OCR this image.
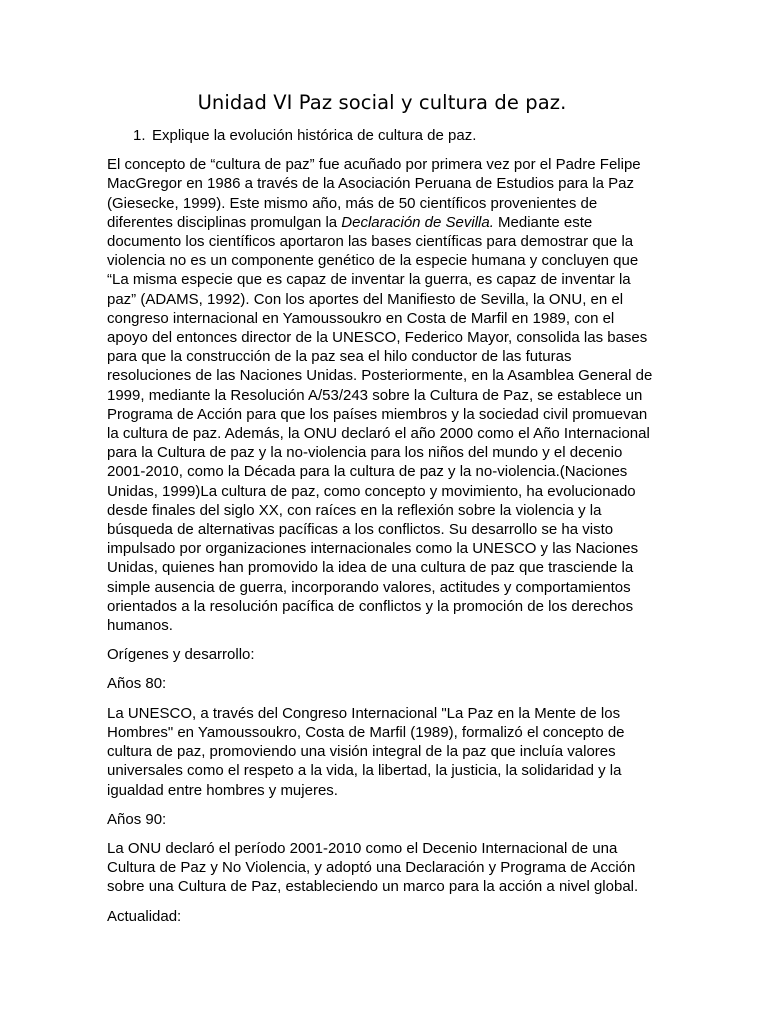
Unidad VI Paz social y cultura de paz.
1. Explique la evolución histórica de cultura de paz.

El concepto de “cultura de paz” fue acuñado por primera vez por el Padre Felipe MacGregor en 1986 a través de la Asociación Peruana de Estudios para la Paz (Giesecke, 1999). Este mismo año, más de 50 científicos provenientes de diferentes disciplinas promulgan la Declaración de Sevilla. Mediante este documento los científicos aportaron las bases científicas para demostrar que la violencia no es un componente genético de la especie humana y concluyen que “La misma especie que es capaz de inventar la guerra, es capaz de inventar la paz” (ADAMS, 1992). Con los aportes del Manifiesto de Sevilla, la ONU, en el congreso internacional en Yamoussoukro en Costa de Marfil en 1989, con el apoyo del entonces director de la UNESCO, Federico Mayor, consolida las bases para que la construcción de la paz sea el hilo conductor de las futuras resoluciones de las Naciones Unidas. Posteriormente, en la Asamblea General de 1999, mediante la Resolución A/53/243 sobre la Cultura de Paz, se establece un Programa de Acción para que los países miembros y la sociedad civil promuevan la cultura de paz. Además, la ONU declaró el año 2000 como el Año Internacional para la Cultura de paz y la no-violencia para los niños del mundo y el decenio 2001-2010, como la Década para la cultura de paz y la no-violencia.(Naciones Unidas, 1999)La cultura de paz, como concepto y movimiento, ha evolucionado desde finales del siglo XX, con raíces en la reflexión sobre la violencia y la búsqueda de alternativas pacíficas a los conflictos. Su desarrollo se ha visto impulsado por organizaciones internacionales como la UNESCO y las Naciones Unidas, quienes han promovido la idea de una cultura de paz que trasciende la simple ausencia de guerra, incorporando valores, actitudes y comportamientos orientados a la resolución pacífica de conflictos y la promoción de los derechos humanos.

Orígenes y desarrollo:

Años 80:

La UNESCO, a través del Congreso Internacional "La Paz en la Mente de los Hombres" en Yamoussoukro, Costa de Marfil (1989), formalizó el concepto de cultura de paz, promoviendo una visión integral de la paz que incluía valores universales como el respeto a la vida, la libertad, la justicia, la solidaridad y la igualdad entre hombres y mujeres.

Años 90:

La ONU declaró el período 2001-2010 como el Decenio Internacional de una Cultura de Paz y No Violencia, y adoptó una Declaración y Programa de Acción sobre una Cultura de Paz, estableciendo un marco para la acción a nivel global.

Actualidad:
